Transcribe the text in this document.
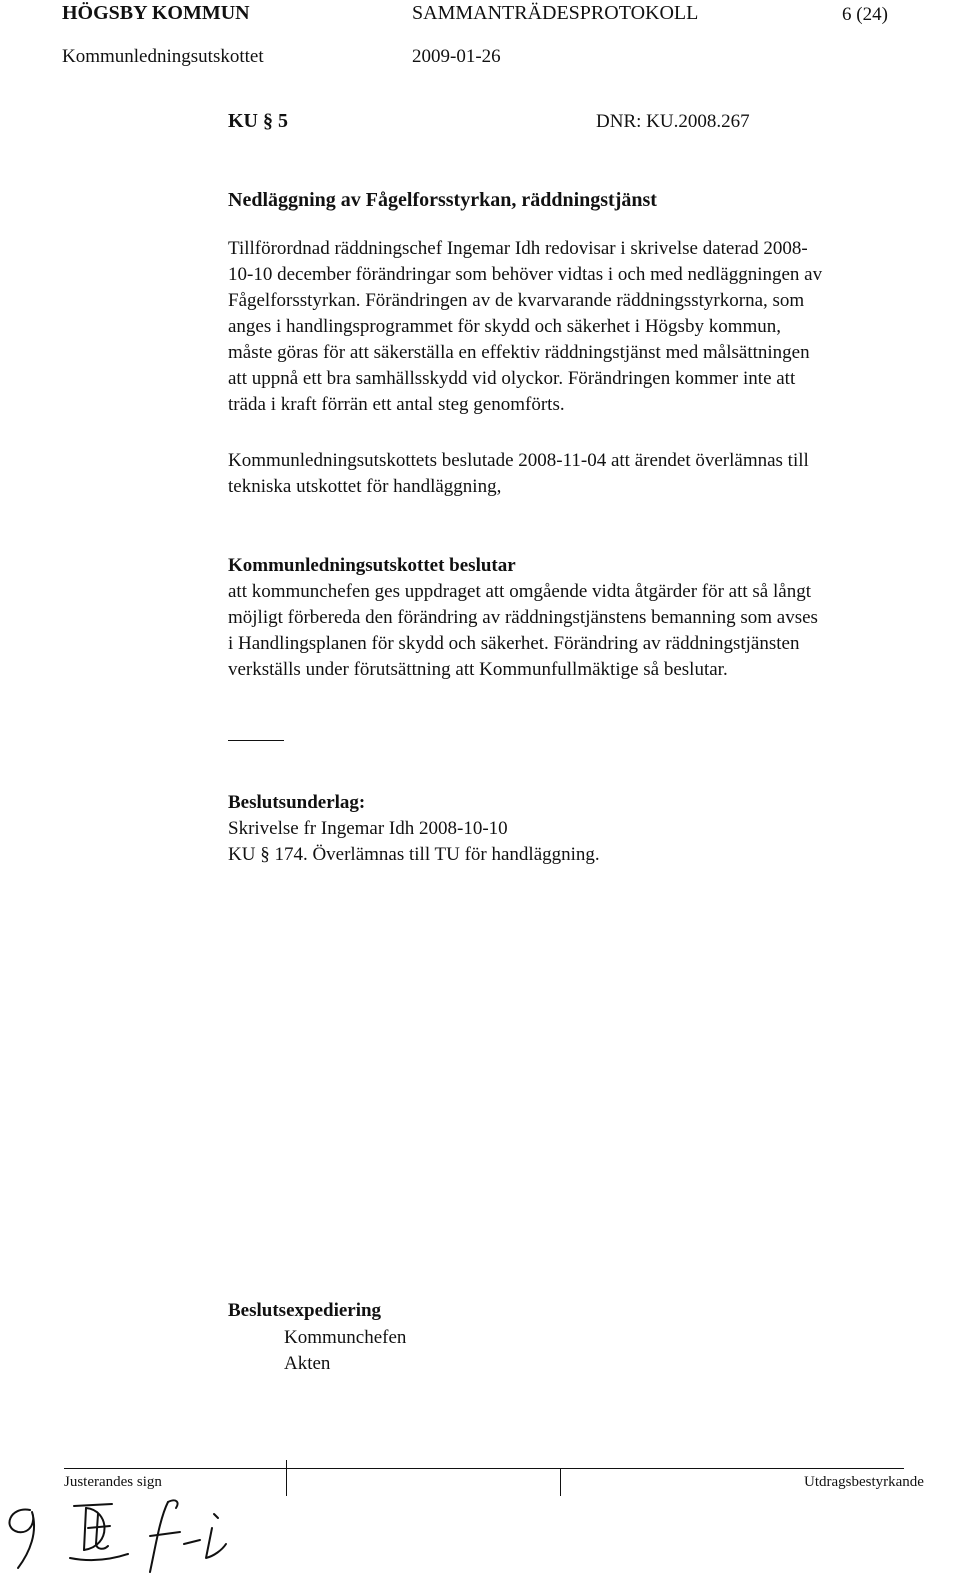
HÖGSBY KOMMUN	SAMMANTRÄDESPROTOKOLL	6 (24)
Kommunledningsutskottet	2009-01-26
KU § 5	DNR: KU.2008.267
Nedläggning av Fågelforsstyrkan, räddningstjänst

Tillförordnad räddningschef Ingemar Idh redovisar i skrivelse daterad 2008-

10-10 december förändringar som behöver vidtas i och med nedläggningen av

Fågelforsstyrkan. Förändringen av de kvarvarande räddningsstyrkorna, som

anges i handlingsprogrammet för skydd och säkerhet i Högsby kommun,

måste göras för att säkerställa en effektiv räddningstjänst med målsättningen

att uppnå ett bra samhällsskydd vid olyckor. Förändringen kommer inte att

träda i kraft förrän ett antal steg genomförts.

Kommunledningsutskottets beslutade 2008-11-04 att ärendet överlämnas till

tekniska utskottet för handläggning,

Kommunledningsutskottet beslutar

att kommunchefen ges uppdraget att omgående vidta åtgärder för att så långt

möjligt förbereda den förändring av räddningstjänstens bemanning som avses

i Handlingsplanen för skydd och säkerhet. Förändring av räddningstjänsten

verkställs under förutsättning att Kommunfullmäktige så beslutar.

Beslutsunderlag:

Skrivelse fr Ingemar Idh 2008-10-10

KU § 174. Överlämnas till TU för handläggning.

Beslutsexpediering
Kommunchefen
Akten
Justerandes sign	Utdragsbestyrkande
